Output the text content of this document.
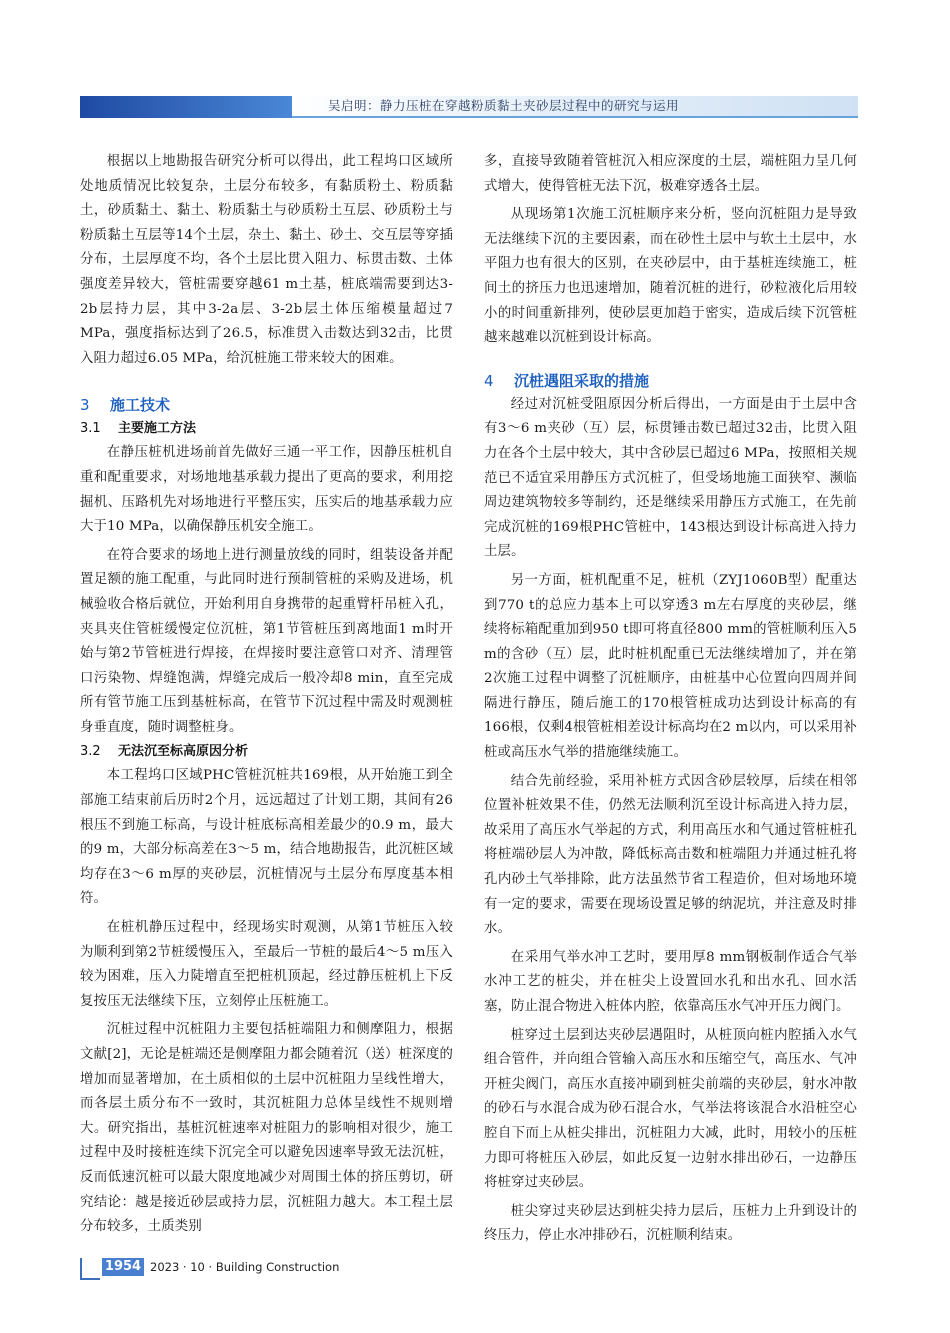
吴启明：静力压桩在穿越粉质黏土夹砂层过程中的研究与运用

根据以上地勘报告研究分析可以得出，此工程坞口区域所处地质情况比较复杂，土层分布较多，有黏质粉土、粉质黏土，砂质黏土、黏土、粉质黏土与砂质粉土互层、砂质粉土与粉质黏土互层等14个土层，杂土、黏土、砂土、交互层等穿插分布，土层厚度不均，各个土层比贯入阻力、标贯击数、土体强度差异较大，管桩需要穿越61 m土基，桩底端需要到达3-2b层持力层，其中3-2a层、3-2b层土体压缩模量超过7 MPa，强度指标达到了26.5，标准贯入击数达到32击，比贯入阻力超过6.05 MPa，给沉桩施工带来较大的困难。

3 施工技术
3.1 主要施工方法

在静压桩机进场前首先做好三通一平工作，因静压桩机自重和配重要求，对场地地基承载力提出了更高的要求，利用挖掘机、压路机先对场地进行平整压实，压实后的地基承载力应大于10 MPa，以确保静压机安全施工。

在符合要求的场地上进行测量放线的同时，组装设备并配置足额的施工配重，与此同时进行预制管桩的采购及进场，机械验收合格后就位，开始利用自身携带的起重臂杆吊桩入孔，夹具夹住管桩缓慢定位沉桩，第1节管桩压到离地面1 m时开始与第2节管桩进行焊接，在焊接时要注意管口对齐、清理管口污染物、焊缝饱满，焊缝完成后一般冷却8 min，直至完成所有管节施工压到基桩标高，在管节下沉过程中需及时观测桩身垂直度，随时调整桩身。

3.2 无法沉至标高原因分析

本工程坞口区域PHC管桩沉桩共169根，从开始施工到全部施工结束前后历时2个月，远远超过了计划工期，其间有26根压不到施工标高，与设计桩底标高相差最少的0.9 m，最大的9 m，大部分标高差在3～5 m，结合地勘报告，此沉桩区域均存在3～6 m厚的夹砂层，沉桩情况与土层分布厚度基本相符。

在桩机静压过程中，经现场实时观测，从第1节桩压入较为顺利到第2节桩缓慢压入，至最后一节桩的最后4～5 m压入较为困难，压入力陡增直至把桩机顶起，经过静压桩机上下反复按压无法继续下压，立刻停止压桩施工。

沉桩过程中沉桩阻力主要包括桩端阻力和侧摩阻力，根据文献[2]，无论是桩端还是侧摩阻力都会随着沉（送）桩深度的增加而显著增加，在土质相似的土层中沉桩阻力呈线性增大，而各层土质分布不一致时，其沉桩阻力总体呈线性不规则增大。研究指出，基桩沉桩速率对桩阻力的影响相对很少，施工过程中及时接桩连续下沉完全可以避免因速率导致无法沉桩，反而低速沉桩可以最大限度地减少对周围土体的挤压剪切，研究结论：越是接近砂层或持力层，沉桩阻力越大。本工程土层分布较多，土质类别

多，直接导致随着管桩沉入相应深度的土层，端桩阻力呈几何式增大，使得管桩无法下沉，极难穿透各土层。

从现场第1次施工沉桩顺序来分析，竖向沉桩阻力是导致无法继续下沉的主要因素，而在砂性土层中与软土土层中，水平阻力也有很大的区别，在夹砂层中，由于基桩连续施工，桩间土的挤压力也迅速增加，随着沉桩的进行，砂粒液化后用较小的时间重新排列，使砂层更加趋于密实，造成后续下沉管桩越来越难以沉桩到设计标高。

4 沉桩遇阻采取的措施

经过对沉桩受阻原因分析后得出，一方面是由于土层中含有3～6 m夹砂（互）层，标贯锤击数已超过32击，比贯入阻力在各个土层中较大，其中含砂层已超过6 MPa，按照相关规范已不适宜采用静压方式沉桩了，但受场地施工面狭窄、濒临周边建筑物较多等制约，还是继续采用静压方式施工，在先前完成沉桩的169根PHC管桩中，143根达到设计标高进入持力土层。

另一方面，桩机配重不足，桩机（ZYJ1060B型）配重达到770 t的总应力基本上可以穿透3 m左右厚度的夹砂层，继续将标箱配重加到950 t即可将直径800 mm的管桩顺利压入5 m的含砂（互）层，此时桩机配重已无法继续增加了，并在第2次施工过程中调整了沉桩顺序，由桩基中心位置向四周并间隔进行静压，随后施工的170根管桩成功达到设计标高的有166根，仅剩4根管桩相差设计标高均在2 m以内，可以采用补桩或高压水气举的措施继续施工。

结合先前经验，采用补桩方式因含砂层较厚，后续在相邻位置补桩效果不佳，仍然无法顺利沉至设计标高进入持力层，故采用了高压水气举起的方式，利用高压水和气通过管桩桩孔将桩端砂层人为冲散，降低标高击数和桩端阻力并通过桩孔将孔内砂土气举排除，此方法虽然节省工程造价，但对场地环境有一定的要求，需要在现场设置足够的纳泥坑，并注意及时排水。

在采用气举水冲工艺时，要用厚8 mm钢板制作适合气举水冲工艺的桩尖，并在桩尖上设置回水孔和出水孔、回水活塞，防止混合物进入桩体内腔，依靠高压水气冲开压力阀门。

桩穿过土层到达夹砂层遇阻时，从桩顶向桩内腔插入水气组合管件，并向组合管输入高压水和压缩空气，高压水、气冲开桩尖阀门，高压水直接冲刷到桩尖前端的夹砂层，射水冲散的砂石与水混合成为砂石混合水，气举法将该混合水沿桩空心腔自下而上从桩尖排出，沉桩阻力大减，此时，用较小的压桩力即可将桩压入砂层，如此反复一边射水排出砂石，一边静压将桩穿过夹砂层。

桩尖穿过夹砂层达到桩尖持力层后，压桩力上升到设计的终压力，停止水冲排砂石，沉桩顺利结束。

1954 2023 · 10 · Building Construction
